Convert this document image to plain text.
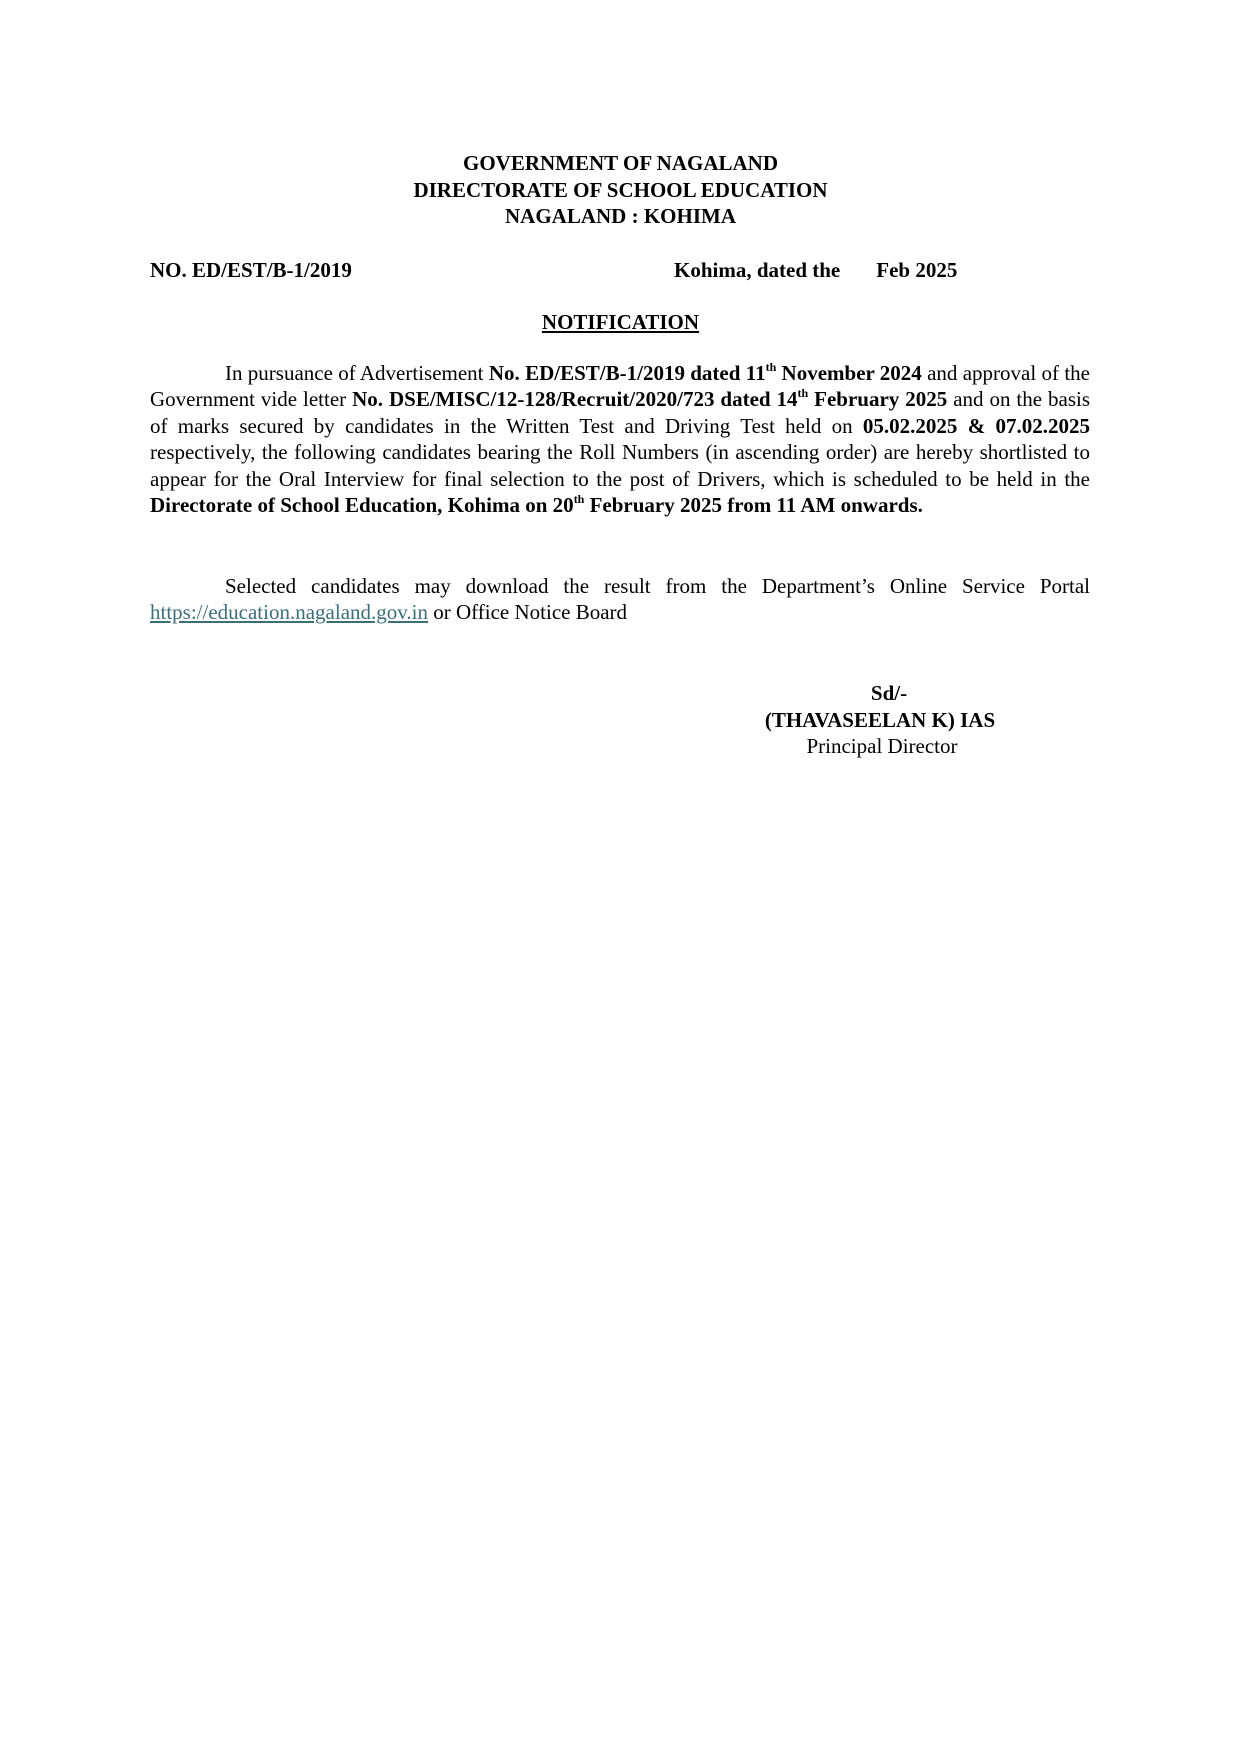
GOVERNMENT OF NAGALAND
DIRECTORATE OF SCHOOL EDUCATION
NAGALAND : KOHIMA
NO. ED/EST/B-1/2019	Kohima, dated the Feb 2025
NOTIFICATION
In pursuance of Advertisement No. ED/EST/B-1/2019 dated 11th November 2024 and approval of the Government vide letter No. DSE/MISC/12-128/Recruit/2020/723 dated 14th February 2025 and on the basis of marks secured by candidates in the Written Test and Driving Test held on 05.02.2025 & 07.02.2025 respectively, the following candidates bearing the Roll Numbers (in ascending order) are hereby shortlisted to appear for the Oral Interview for final selection to the post of Drivers, which is scheduled to be held in the Directorate of School Education, Kohima on 20th February 2025 from 11 AM onwards.
Selected candidates may download the result from the Department’s Online Service Portal https://education.nagaland.gov.in or Office Notice Board
Sd/-
(THAVASEELAN K) IAS
Principal Director
